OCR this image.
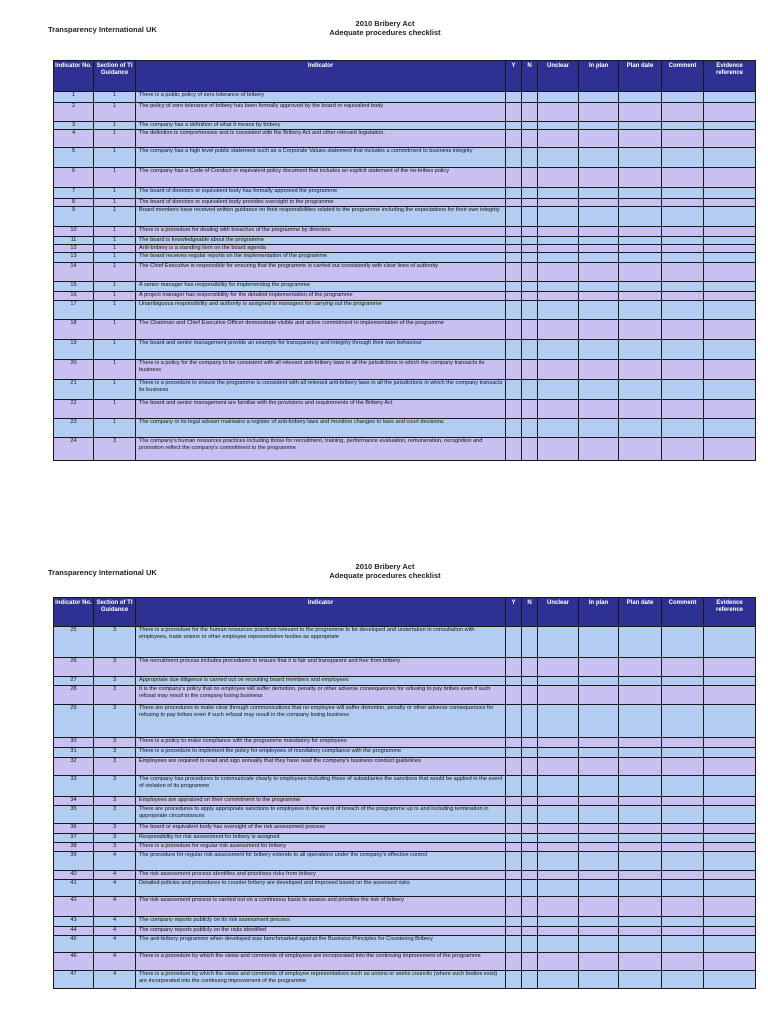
Transparency International UK
2010 Bribery Act
Adequate procedures checklist
Indicator No.	Section of TI Guidance	Indicator	Y	N	Unclear	In plan	Plan date	Comment	Evidence reference
1	1	There is a public policy of zero tolerance of bribery							
2	1	The policy of zero tolerance of bribery has been formally approved by the board or equivalent body							
3	1	The company has a definition of what it means by bribery							
4	1	The definition is comprehensive and is consistent with the Bribery Act and other relevant legislation.							
5	1	The company has a high level public statement such as a Corporate Values statement that includes a commitment to business integrity							
6	1	The company has a Code of Conduct or equivalent policy document that includes an explicit statement of the no-bribes policy							
7	1	The board of directors or equivalent body has formally approved the programme							
8	1	The board of directors or equivalent body provides oversight to the programme							
9	1	Board members have received written guidance on their responsibilities related to the programme including the expectations for their own integrity							
10	1	There is a procedure for dealing with breaches of the programme by directors							
11	1	The board is knowledgeable about the programme							
12	1	Anti-bribery is a standing item on the board agenda							
13	1	The board receives regular reports on the implementation of the programme							
14	1	The Chief Executive is responsible for ensuring that the programme is carried out consistently with clear lines of authority							
15	1	A senior manager has responsibility for implementing the programme							
16	1	A project manager has responsibility for the detailed implementation of the programme							
17	1	Unambiguous responsibility and authority is assigned to managers for carrying out the programme							
18	1	The Chairman and Chief Executive Officer demonstrate visible and active commitment to implementation of the programme							
19	1	The board and senior management provide an example for transparency and integrity through their own behaviour							
20	1	There is a policy for the company to be consistent with all relevant anti-bribery laws in all the jurisdictions in which the company transacts its business							
21	1	There is a procedure to ensure the programme is consistent with all relevant anti-bribery laws in all the jurisdictions in which the company transacts its business							
22	1	The board and senior management are familiar with the provisions and requirements of the Bribery Act							
23	1	The company or its legal adviser maintains a register of anti-bribery laws and monitors changes to laws and court decisions							
24	3	The company's human resources practices including those for recruitment, training, performance evaluation, remuneration, recognition and promotion reflect the company's commitment to the programme							
Transparency International UK
2010 Bribery Act
Adequate procedures checklist
Indicator No.	Section of TI Guidance	Indicator	Y	N	Unclear	In plan	Plan date	Comment	Evidence reference
25	3	There is a procedure for the human resources practices relevant to the programme to be developed and undertaken in consultation with employees, trade unions or other employee representative bodies as appropriate							
26	3	The recruitment process includes procedures to ensure that it is fair and transparent and free from bribery							
27	3	Appropriate due diligence is carried out on recruiting board members and employees							
28	3	It is the company's policy that no employee will suffer demotion, penalty or other adverse consequences for refusing to pay bribes even if such refusal may result in the company losing business							
29	3	There are procedures to make clear through communications that no employee will suffer demotion, penalty or other adverse consequences for refusing to pay bribes even if such refusal may result in the company losing business							
30	3	There is a policy to make compliance with the programme mandatory for employees							
31	3	There is a procedure to implement the policy for employees of mandatory compliance with the programme							
32	3	Employees are required to read and sign annually that they have read the company's business conduct guidelines							
33	3	The company has procedures to communicate clearly to employees including those of subsidiaries the sanctions that would be applied in the event of violation of its programme							
34	3	Employees are appraised on their commitment to the programme							
35	3	There are procedures to apply appropriate sanctions to employees in the event of breach of the programme up to and including termination in appropriate circumstances							
36	3	The board or equivalent body has oversight of the risk assessment process							
37	3	Responsibility for risk assessment for bribery is assigned							
38	3	There is a procedure for regular risk assessment for bribery							
39	4	The procedure for regular risk assessment for bribery extends to all operations under the company's effective control							
40	4	The risk assessment process identifies and prioritises risks from bribery							
41	4	Detailed policies and procedures to counter bribery are developed and improved based on the assessed risks							
42	4	The risk assessment process is carried out on a continuous basis to assess and prioritise the risk of bribery							
43	4	The company reports publicly on its risk assessment process							
44	4	The company reports publicly on the risks identified							
45	4	The anti-bribery programme when developed was benchmarked against the Business Principles for Countering Bribery							
46	4	There is a procedure by which the views and comments of employees are incorporated into the continuing improvement of the programme							
47	4	There is a procedure by which the views and comments of employee representatives such as unions or works councils (where such bodies exist) are incorporated into the continuing improvement of the programme							
